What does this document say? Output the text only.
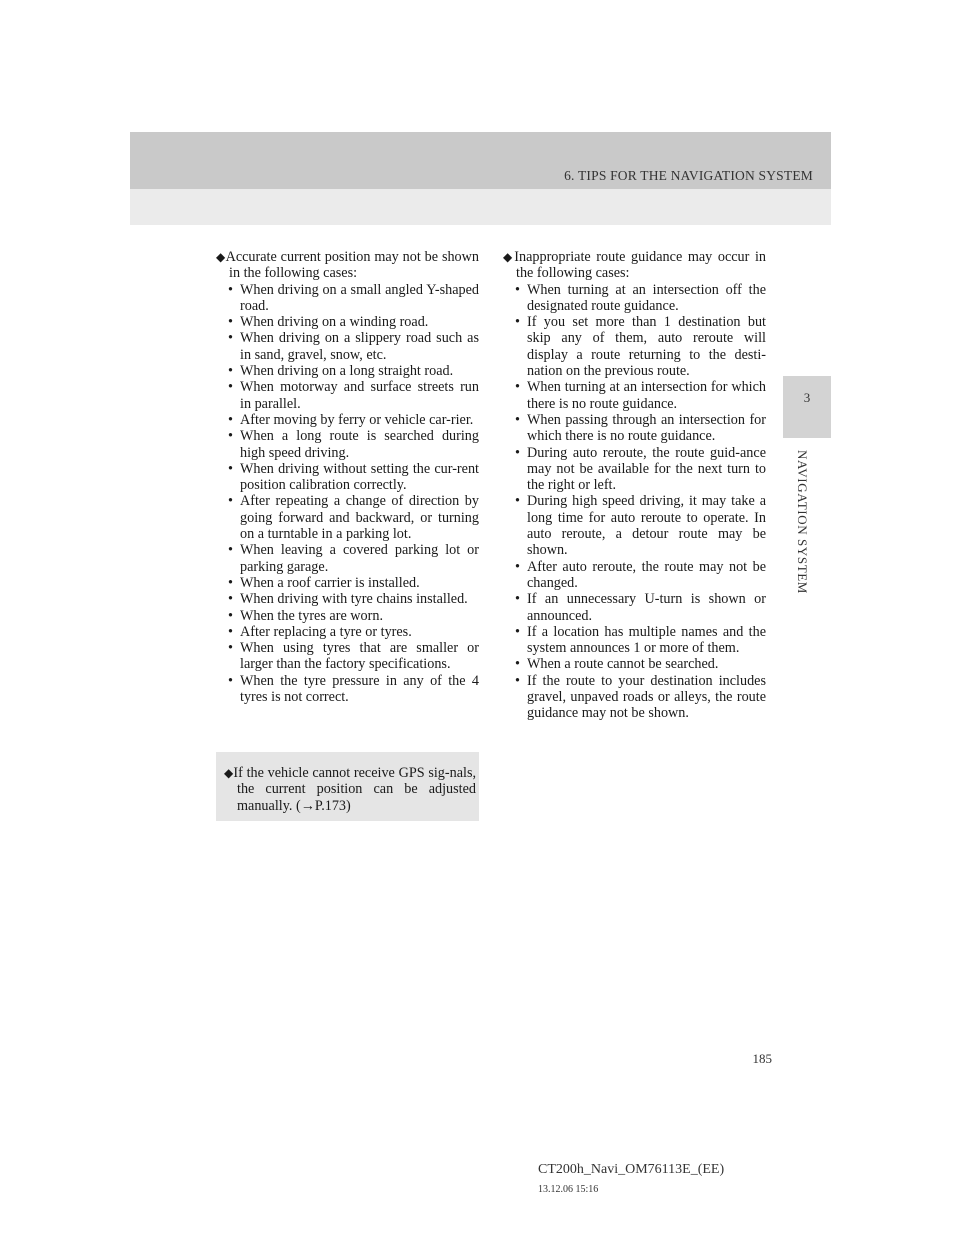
6. TIPS FOR THE NAVIGATION SYSTEM
3
NAVIGATION SYSTEM

◆Accurate current position may not be shown in the following cases:

• When driving on a small angled Y-shaped road.
• When driving on a winding road.
• When driving on a slippery road such as in sand, gravel, snow, etc.
• When driving on a long straight road.
• When motorway and surface streets run in parallel.
• After moving by ferry or vehicle car-rier.
• When a long route is searched during high speed driving.
• When driving without setting the cur-rent position calibration correctly.
• After repeating a change of direction by going forward and backward, or turning on a turntable in a parking lot.
• When leaving a covered parking lot or parking garage.
• When a roof carrier is installed.
• When driving with tyre chains installed.
• When the tyres are worn.
• After replacing a tyre or tyres.
• When using tyres that are smaller or larger than the factory specifications.
• When the tyre pressure in any of the 4 tyres is not correct.

◆If the vehicle cannot receive GPS sig-nals, the current position can be adjusted manually. (→P.173)

◆Inappropriate route guidance may occur in the following cases:

• When turning at an intersection off the designated route guidance.
• If you set more than 1 destination but skip any of them, auto reroute will display a route returning to the desti-nation on the previous route.
• When turning at an intersection for which there is no route guidance.
• When passing through an intersection for which there is no route guidance.
• During auto reroute, the route guid-ance may not be available for the next turn to the right or left.
• During high speed driving, it may take a long time for auto reroute to operate. In auto reroute, a detour route may be shown.
• After auto reroute, the route may not be changed.
• If an unnecessary U-turn is shown or announced.
• If a location has multiple names and the system announces 1 or more of them.
• When a route cannot be searched.
• If the route to your destination includes gravel, unpaved roads or alleys, the route guidance may not be shown.
185
CT200h_Navi_OM76113E_(EE)
13.12.06 15:16
